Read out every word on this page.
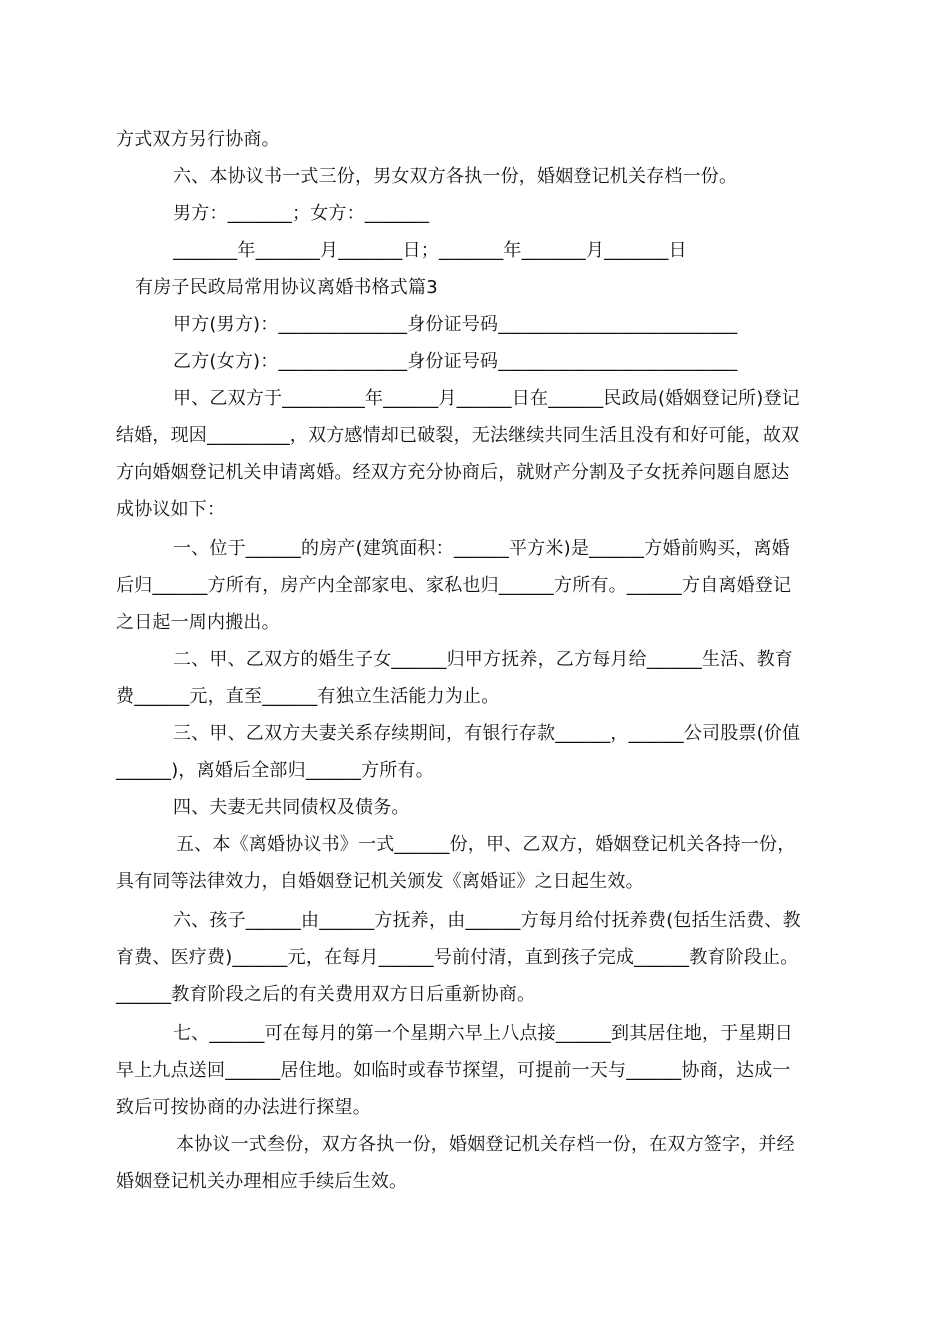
方式双方另行协商。
六、本协议书一式三份，男女双方各执一份，婚姻登记机关存档一份。
男方：_______；女方：_______
_______年_______月_______日；_______年_______月_______日
有房子民政局常用协议离婚书格式篇3
甲方(男方)：______________身份证号码__________________________
乙方(女方)：______________身份证号码__________________________
甲、乙双方于_________年______月______日在______民政局(婚姻登记所)登记
结婚，现因_________，双方感情却已破裂，无法继续共同生活且没有和好可能，故双
方向婚姻登记机关申请离婚。经双方充分协商后，就财产分割及子女抚养问题自愿达
成协议如下：
一、位于______的房产(建筑面积：______平方米)是______方婚前购买，离婚
后归______方所有，房产内全部家电、家私也归______方所有。______方自离婚登记
之日起一周内搬出。
二、甲、乙双方的婚生子女______归甲方抚养，乙方每月给______生活、教育
费______元，直至______有独立生活能力为止。
三、甲、乙双方夫妻关系存续期间，有银行存款______，______公司股票(价值
______)，离婚后全部归______方所有。
四、夫妻无共同债权及债务。
五、本《离婚协议书》一式______份，甲、乙双方，婚姻登记机关各持一份，
具有同等法律效力，自婚姻登记机关颁发《离婚证》之日起生效。
六、孩子______由______方抚养，由______方每月给付抚养费(包括生活费、教
育费、医疗费)______元，在每月______号前付清，直到孩子完成______教育阶段止。
______教育阶段之后的有关费用双方日后重新协商。
七、______可在每月的第一个星期六早上八点接______到其居住地，于星期日
早上九点送回______居住地。如临时或春节探望，可提前一天与______协商，达成一
致后可按协商的办法进行探望。
本协议一式叁份，双方各执一份，婚姻登记机关存档一份，在双方签字，并经
婚姻登记机关办理相应手续后生效。
